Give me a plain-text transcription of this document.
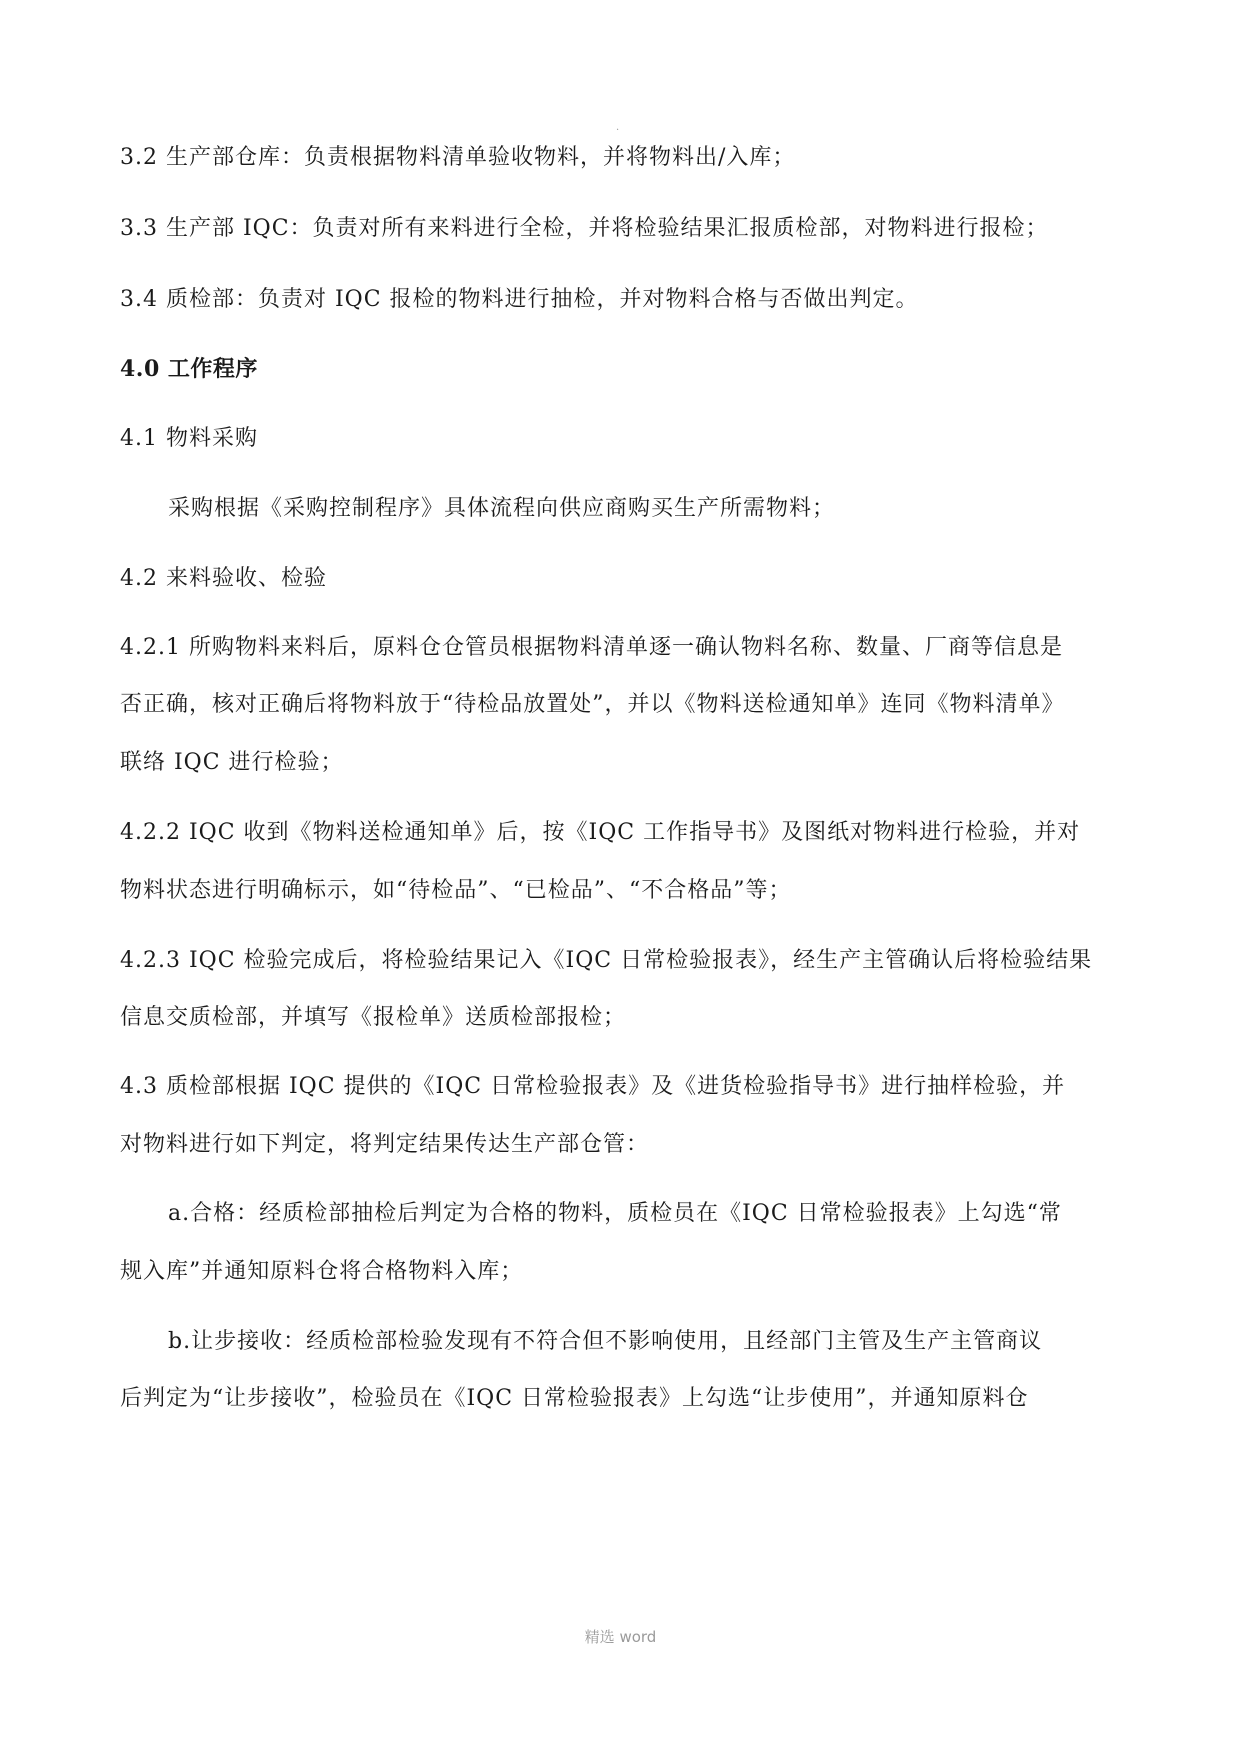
.
3.2 生产部仓库：负责根据物料清单验收物料，并将物料出/入库；
3.3 生产部 IQC：负责对所有来料进行全检，并将检验结果汇报质检部，对物料进行报检；
3.4 质检部：负责对 IQC 报检的物料进行抽检，并对物料合格与否做出判定。
4.0 工作程序
4.1 物料采购
采购根据《采购控制程序》具体流程向供应商购买生产所需物料；
4.2 来料验收、检验
4.2.1 所购物料来料后，原料仓仓管员根据物料清单逐一确认物料名称、数量、厂商等信息是
否正确，核对正确后将物料放于“待检品放置处”，并以《物料送检通知单》连同《物料清单》
联络 IQC 进行检验；
4.2.2 IQC 收到《物料送检通知单》后，按《IQC 工作指导书》及图纸对物料进行检验，并对
物料状态进行明确标示，如“待检品”、“已检品”、“不合格品”等；
4.2.3 IQC 检验完成后，将检验结果记入《IQC 日常检验报表》，经生产主管确认后将检验结果
信息交质检部，并填写《报检单》送质检部报检；
4.3 质检部根据 IQC 提供的《IQC 日常检验报表》及《进货检验指导书》进行抽样检验，并
对物料进行如下判定，将判定结果传达生产部仓管：
a.合格：经质检部抽检后判定为合格的物料，质检员在《IQC 日常检验报表》上勾选“常
规入库”并通知原料仓将合格物料入库；
b.让步接收：经质检部检验发现有不符合但不影响使用，且经部门主管及生产主管商议
后判定为“让步接收”，检验员在《IQC 日常检验报表》上勾选“让步使用”，并通知原料仓
精选 word
